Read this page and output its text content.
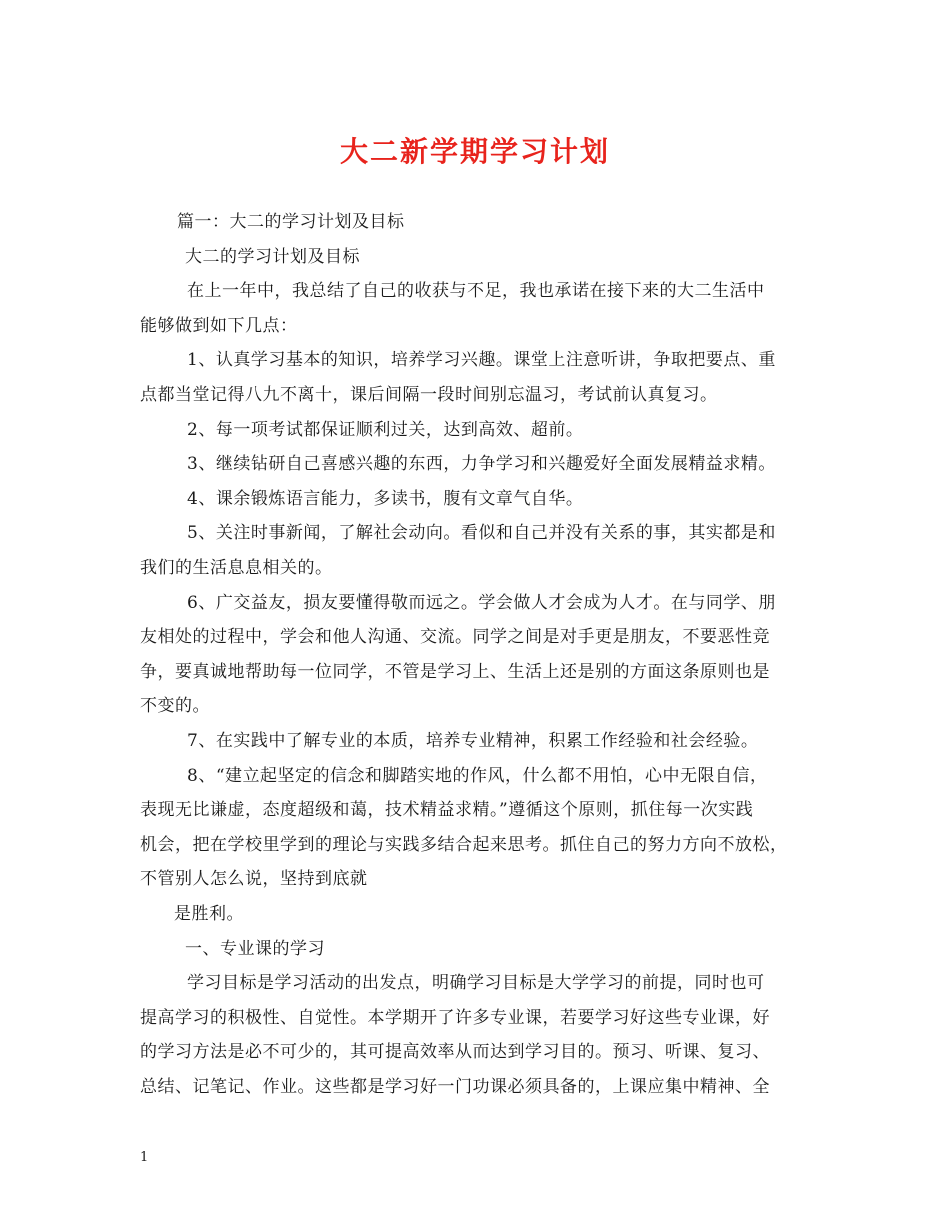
大二新学期学习计划
篇一：大二的学习计划及目标
大二的学习计划及目标
在上一年中，我总结了自己的收获与不足，我也承诺在接下来的大二生活中
能够做到如下几点：
1、认真学习基本的知识，培养学习兴趣。课堂上注意听讲，争取把要点、重
点都当堂记得八九不离十，课后间隔一段时间别忘温习，考试前认真复习。
2、每一项考试都保证顺利过关，达到高效、超前。
3、继续钻研自己喜感兴趣的东西，力争学习和兴趣爱好全面发展精益求精。
4、课余锻炼语言能力，多读书，腹有文章气自华。
5、关注时事新闻，了解社会动向。看似和自己并没有关系的事，其实都是和
我们的生活息息相关的。
6、广交益友，损友要懂得敬而远之。学会做人才会成为人才。在与同学、朋
友相处的过程中，学会和他人沟通、交流。同学之间是对手更是朋友，不要恶性竞
争，要真诚地帮助每一位同学，不管是学习上、生活上还是别的方面这条原则也是
不变的。
7、在实践中了解专业的本质，培养专业精神，积累工作经验和社会经验。
8、“建立起坚定的信念和脚踏实地的作风，什么都不用怕，心中无限自信，
表现无比谦虚，态度超级和蔼，技术精益求精。”遵循这个原则，抓住每一次实践
机会，把在学校里学到的理论与实践多结合起来思考。抓住自己的努力方向不放松，
不管别人怎么说，坚持到底就
是胜利。
一、专业课的学习
学习目标是学习活动的出发点，明确学习目标是大学学习的前提，同时也可
提高学习的积极性、自觉性。本学期开了许多专业课，若要学习好这些专业课，好
的学习方法是必不可少的，其可提高效率从而达到学习目的。预习、听课、复习、
总结、记笔记、作业。这些都是学习好一门功课必须具备的，上课应集中精神、全
1
